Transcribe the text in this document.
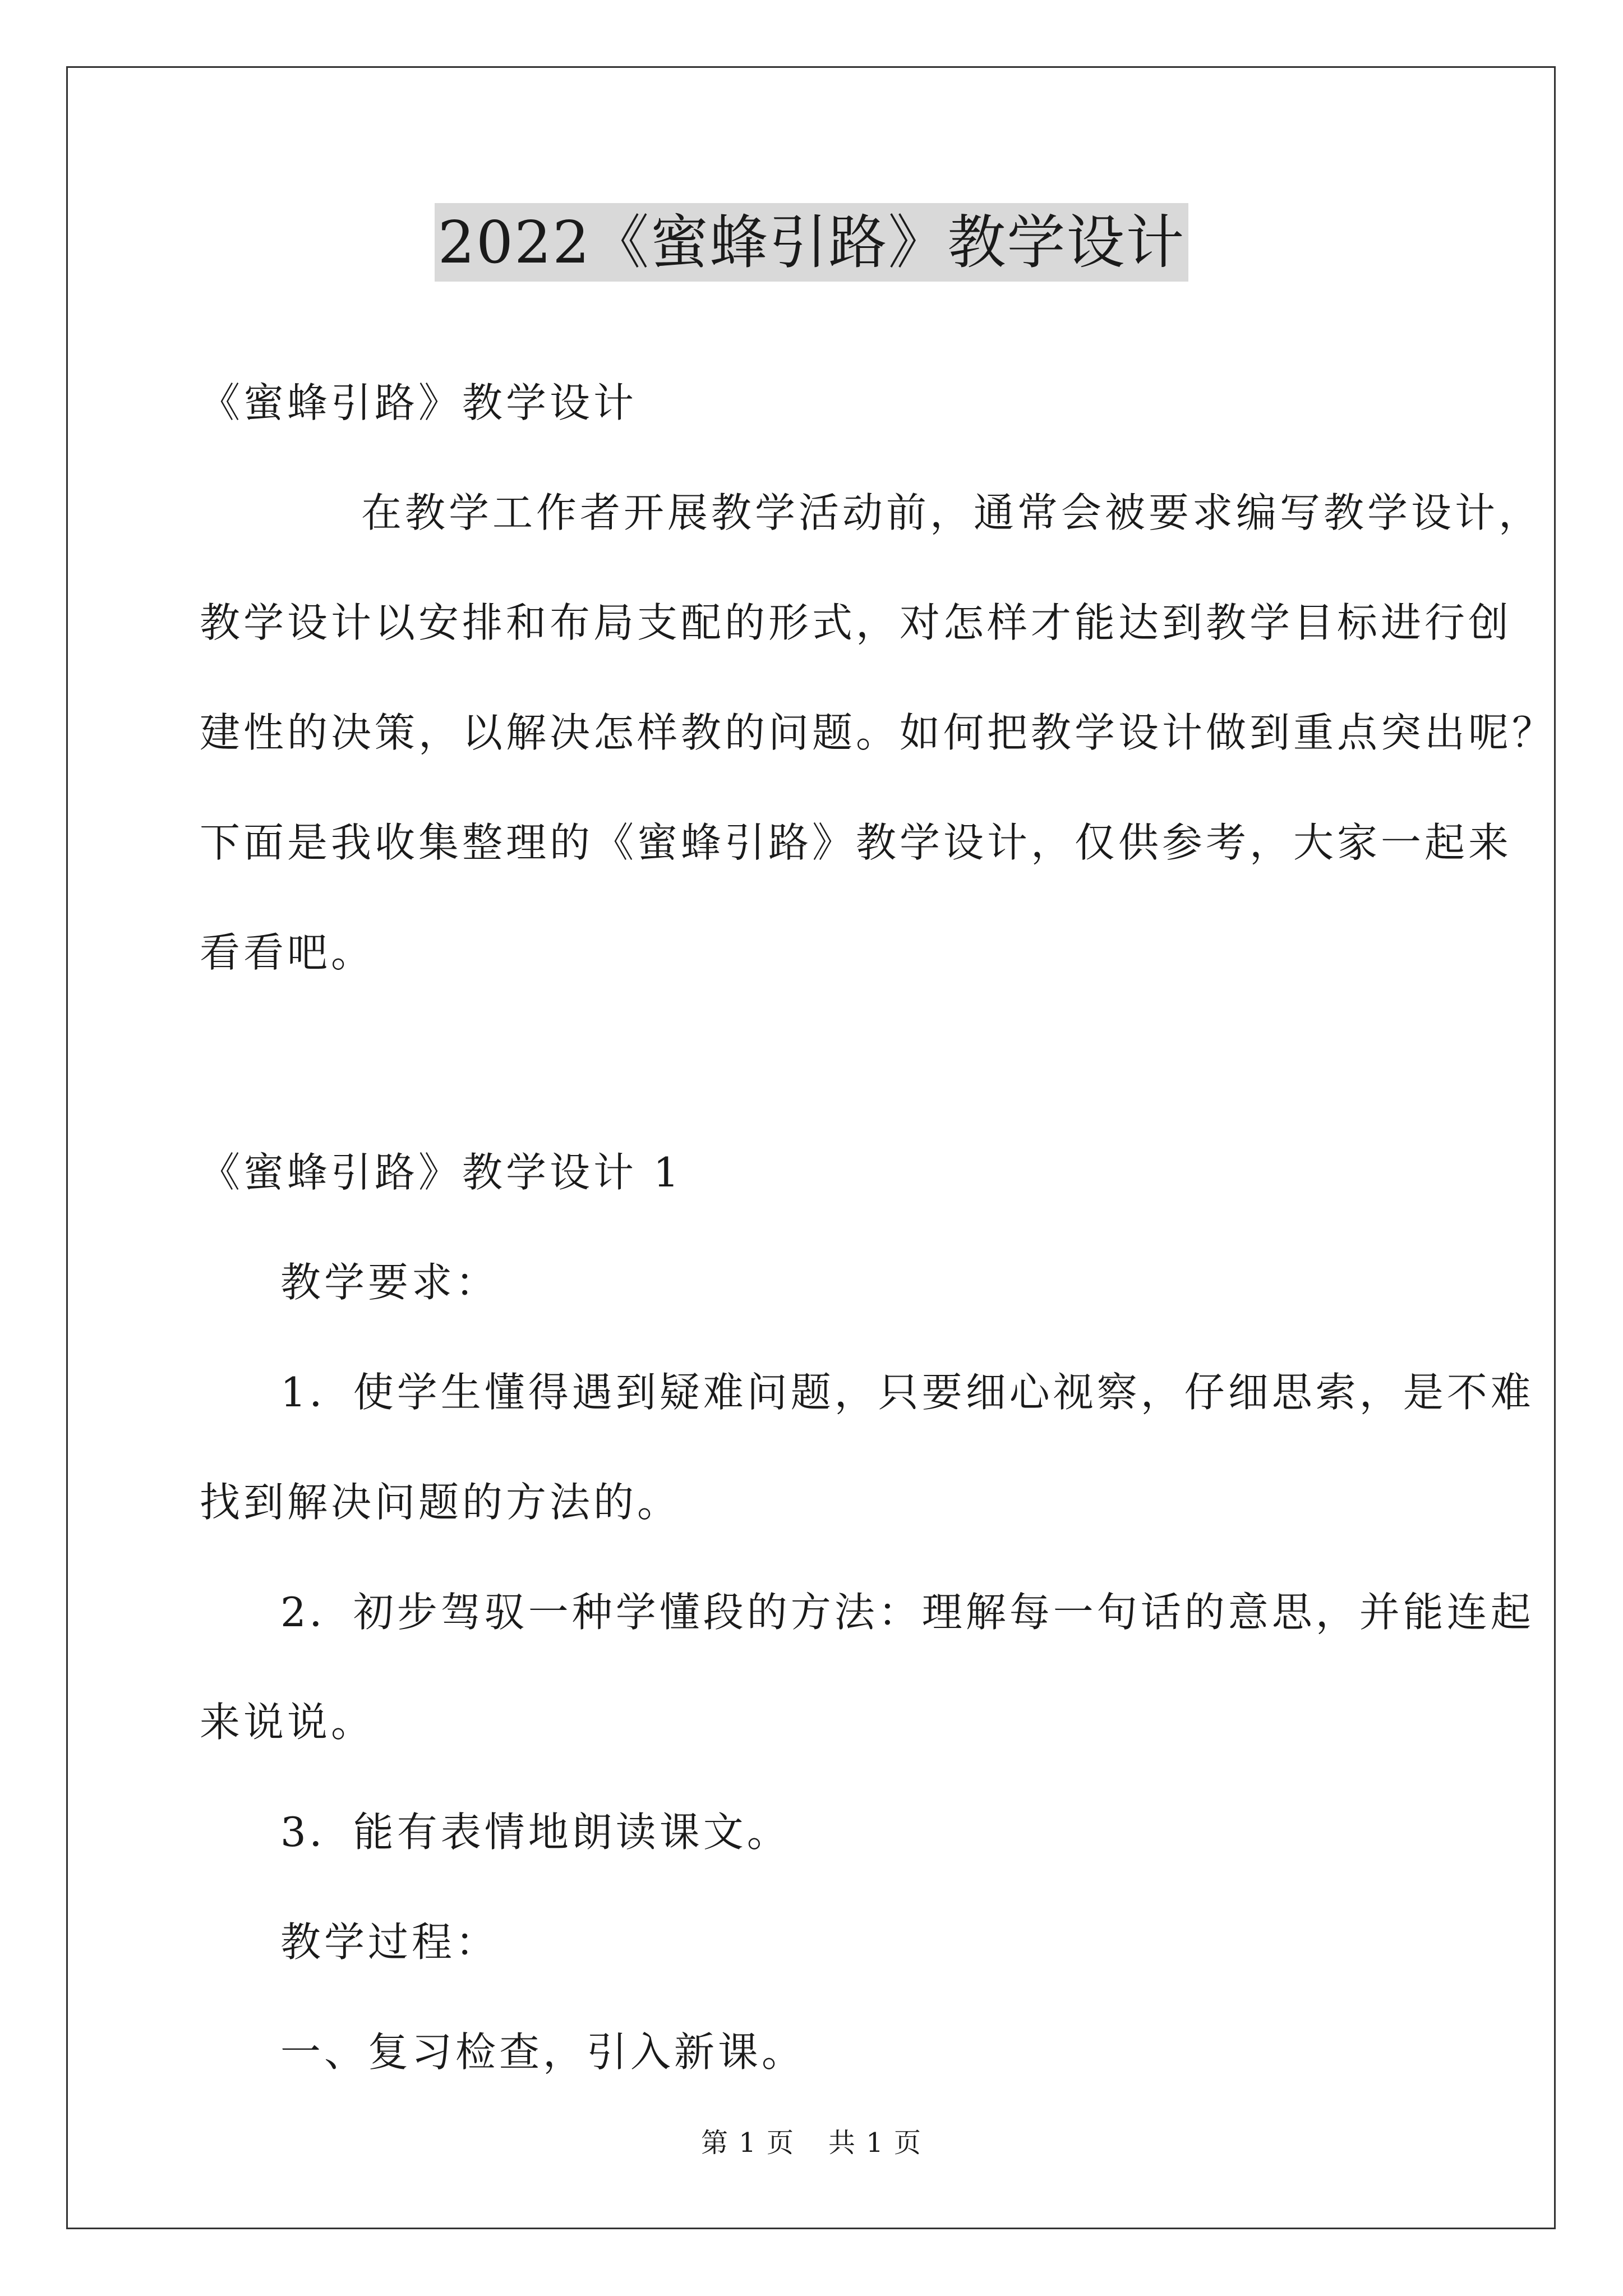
2022《蜜蜂引路》教学设计

《蜜蜂引路》教学设计

在教学工作者开展教学活动前，通常会被要求编写教学设计，

教学设计以安排和布局支配的形式，对怎样才能达到教学目标进行创

建性的决策，以解决怎样教的问题。如何把教学设计做到重点突出呢？

下面是我收集整理的《蜜蜂引路》教学设计，仅供参考，大家一起来

看看吧。

《蜜蜂引路》教学设计 1

教学要求：

1．使学生懂得遇到疑难问题，只要细心视察，仔细思索，是不难

找到解决问题的方法的。

2．初步驾驭一种学懂段的方法：理解每一句话的意思，并能连起

来说说。

3．能有表情地朗读课文。

教学过程：

一、复习检查，引入新课。

第 1 页 共 1 页
